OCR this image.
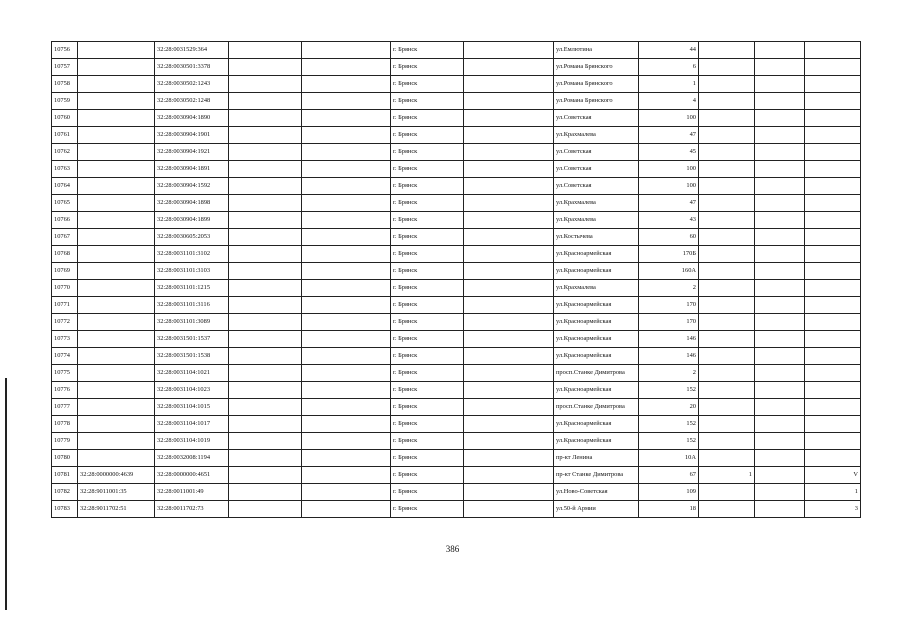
10756		32:28:0031529:364			г. Брянск		ул.Емлютина	44			
10757		32:28:0030501:3378			г. Брянск		ул.Романа Брянского	6			
10758		32:28:0030502:1243			г. Брянск		ул.Романа Брянского	1			
10759		32:28:0030502:1248			г. Брянск		ул.Романа Брянского	4			
10760		32:28:0030904:1890			г. Брянск		ул.Советская	100			
10761		32:28:0030904:1901			г. Брянск		ул.Крахмалева	47			
10762		32:28:0030904:1921			г. Брянск		ул.Советская	45			
10763		32:28:0030904:1891			г. Брянск		ул.Советская	100			
10764		32:28:0030904:1592			г. Брянск		ул.Советская	100			
10765		32:28:0030904:1898			г. Брянск		ул.Крахмалева	47			
10766		32:28:0030904:1899			г. Брянск		ул.Крахмалева	43			
10767		32:28:0030605:2053			г. Брянск		ул.Костычева	60			
10768		32:28:0031101:3102			г. Брянск		ул.Красноармейская	170Б			
10769		32:28:0031101:3103			г. Брянск		ул.Красноармейская	160А			
10770		32:28:0031101:1215			г. Брянск		ул.Крахмалева	2			
10771		32:28:0031101:3116			г. Брянск		ул.Красноармейская	170			
10772		32:28:0031101:3089			г. Брянск		ул.Красноармейская	170			
10773		32:28:0031501:1537			г. Брянск		ул.Красноармейская	146			
10774		32:28:0031501:1538			г. Брянск		ул.Красноармейская	146			
10775		32:28:0031104:1021			г. Брянск		просп.Станке Димитрова	2			
10776		32:28:0031104:1023			г. Брянск		ул.Красноармейская	152			
10777		32:28:0031104:1015			г. Брянск		просп.Станке Димитрова	20			
10778		32:28:0031104:1017			г. Брянск		ул.Красноармейская	152			
10779		32:28:0031104:1019			г. Брянск		ул.Красноармейская	152			
10780		32:28:0032008:1194			г. Брянск		пр-кт Ленина	10А			
10781	32:28:0000000:4639	32:28:0000000:4651			г. Брянск		пр-кт Станке Димитрова	67	1		V
10782	32:28:9011001:35	32:28:0011001:49			г. Брянск		ул.Ново-Советская	109			1
10783	32:28:9011702:51	32:28:0011702:73			г. Брянск		ул.50-й Армии	18			3
386
